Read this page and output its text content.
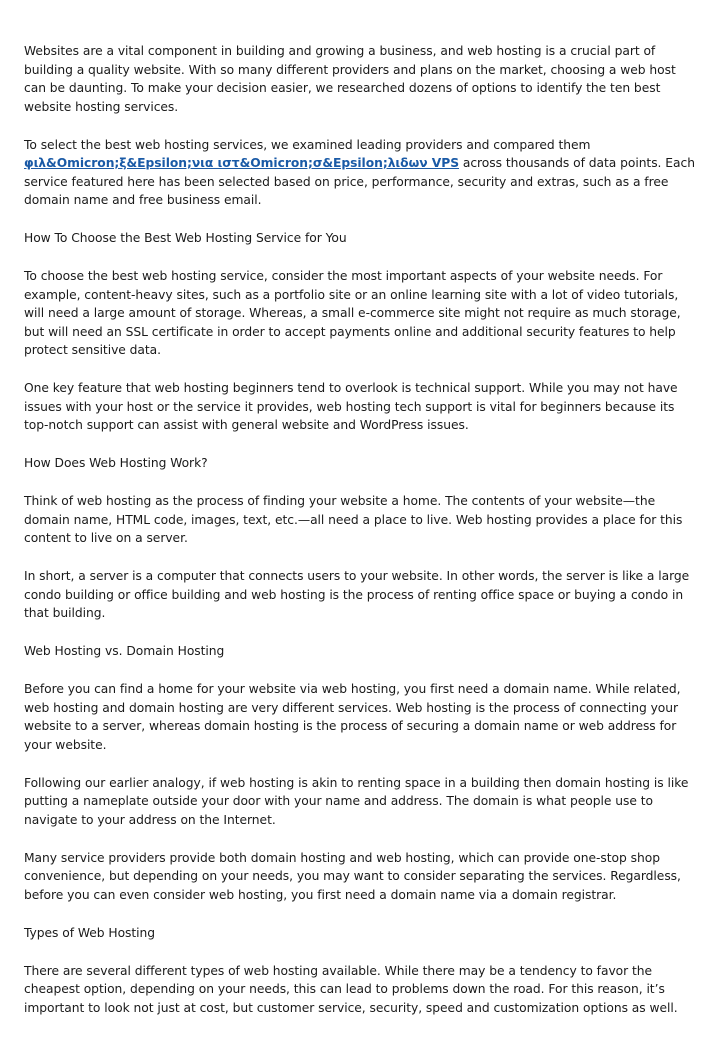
Websites are a vital component in building and growing a business, and web hosting is a crucial part of building a quality website. With so many different providers and plans on the market, choosing a web host can be daunting. To make your decision easier, we researched dozens of options to identify the ten best website hosting services.

To select the best web hosting services, we examined leading providers and compared them φιλ&Omicron;ξ&Epsilon;νια ιστ&Omicron;σ&Epsilon;λιδων VPS across thousands of data points. Each service featured here has been selected based on price, performance, security and extras, such as a free domain name and free business email.

How To Choose the Best Web Hosting Service for You

To choose the best web hosting service, consider the most important aspects of your website needs. For example, content-heavy sites, such as a portfolio site or an online learning site with a lot of video tutorials, will need a large amount of storage. Whereas, a small e-commerce site might not require as much storage, but will need an SSL certificate in order to accept payments online and additional security features to help protect sensitive data.

One key feature that web hosting beginners tend to overlook is technical support. While you may not have issues with your host or the service it provides, web hosting tech support is vital for beginners because its top-notch support can assist with general website and WordPress issues.

How Does Web Hosting Work?

Think of web hosting as the process of finding your website a home. The contents of your website—the domain name, HTML code, images, text, etc.—all need a place to live. Web hosting provides a place for this content to live on a server.

In short, a server is a computer that connects users to your website. In other words, the server is like a large condo building or office building and web hosting is the process of renting office space or buying a condo in that building.

Web Hosting vs. Domain Hosting

Before you can find a home for your website via web hosting, you first need a domain name. While related, web hosting and domain hosting are very different services. Web hosting is the process of connecting your website to a server, whereas domain hosting is the process of securing a domain name or web address for your website.

Following our earlier analogy, if web hosting is akin to renting space in a building then domain hosting is like putting a nameplate outside your door with your name and address. The domain is what people use to navigate to your address on the Internet.

Many service providers provide both domain hosting and web hosting, which can provide one-stop shop convenience, but depending on your needs, you may want to consider separating the services. Regardless, before you can even consider web hosting, you first need a domain name via a domain registrar.

Types of Web Hosting

There are several different types of web hosting available. While there may be a tendency to favor the cheapest option, depending on your needs, this can lead to problems down the road. For this reason, it’s important to look not just at cost, but customer service, security, speed and customization options as well.
